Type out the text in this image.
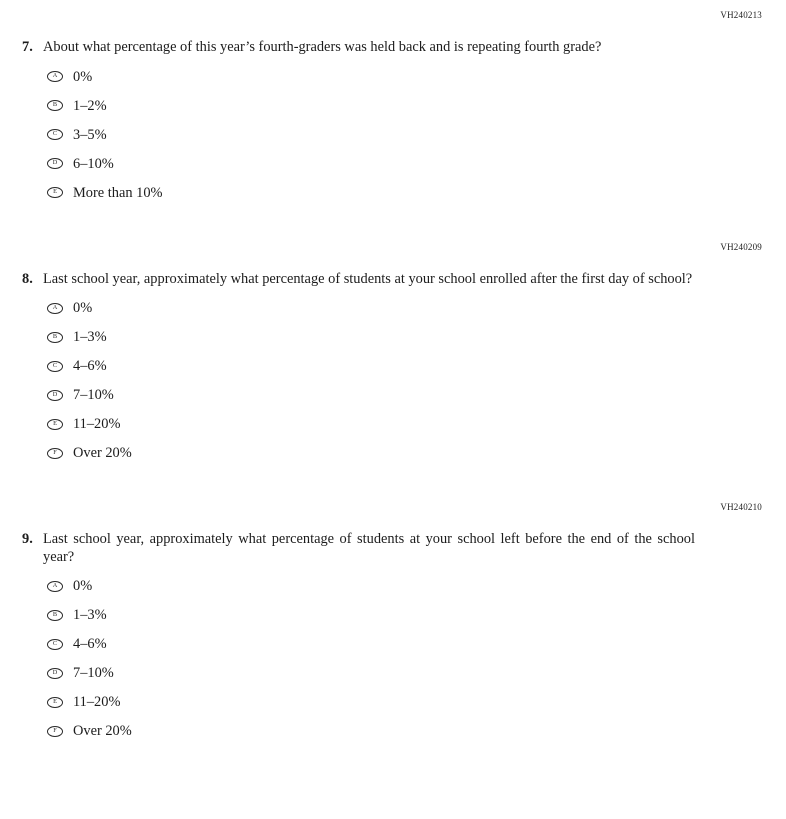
VH240213
7. About what percentage of this year’s fourth-graders was held back and is repeating fourth grade?
A 0%
B 1–2%
C 3–5%
D 6–10%
E More than 10%
VH240209
8. Last school year, approximately what percentage of students at your school enrolled after the first day of school?
A 0%
B 1–3%
C 4–6%
D 7–10%
E 11–20%
F Over 20%
VH240210
9. Last school year, approximately what percentage of students at your school left before the end of the school year?
A 0%
B 1–3%
C 4–6%
D 7–10%
E 11–20%
F Over 20%
